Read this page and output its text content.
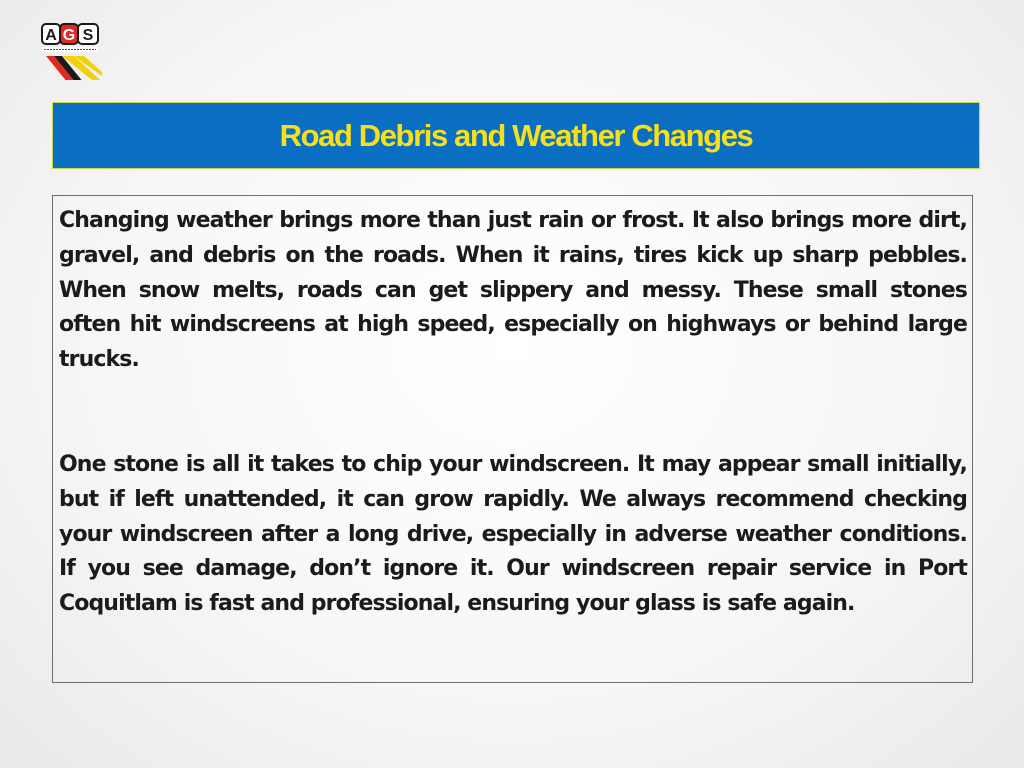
A G S
Road Debris and Weather Changes

Changing weather brings more than just rain or frost. It also brings more dirt, gravel, and debris on the roads. When it rains, tires kick up sharp pebbles. When snow melts, roads can get slippery and messy. These small stones often hit windscreens at high speed, especially on highways or behind large trucks.

One stone is all it takes to chip your windscreen. It may appear small initially, but if left unattended, it can grow rapidly. We always recommend checking your windscreen after a long drive, especially in adverse weather conditions. If you see damage, don’t ignore it. Our windscreen repair service in Port Coquitlam is fast and professional, ensuring your glass is safe again.
